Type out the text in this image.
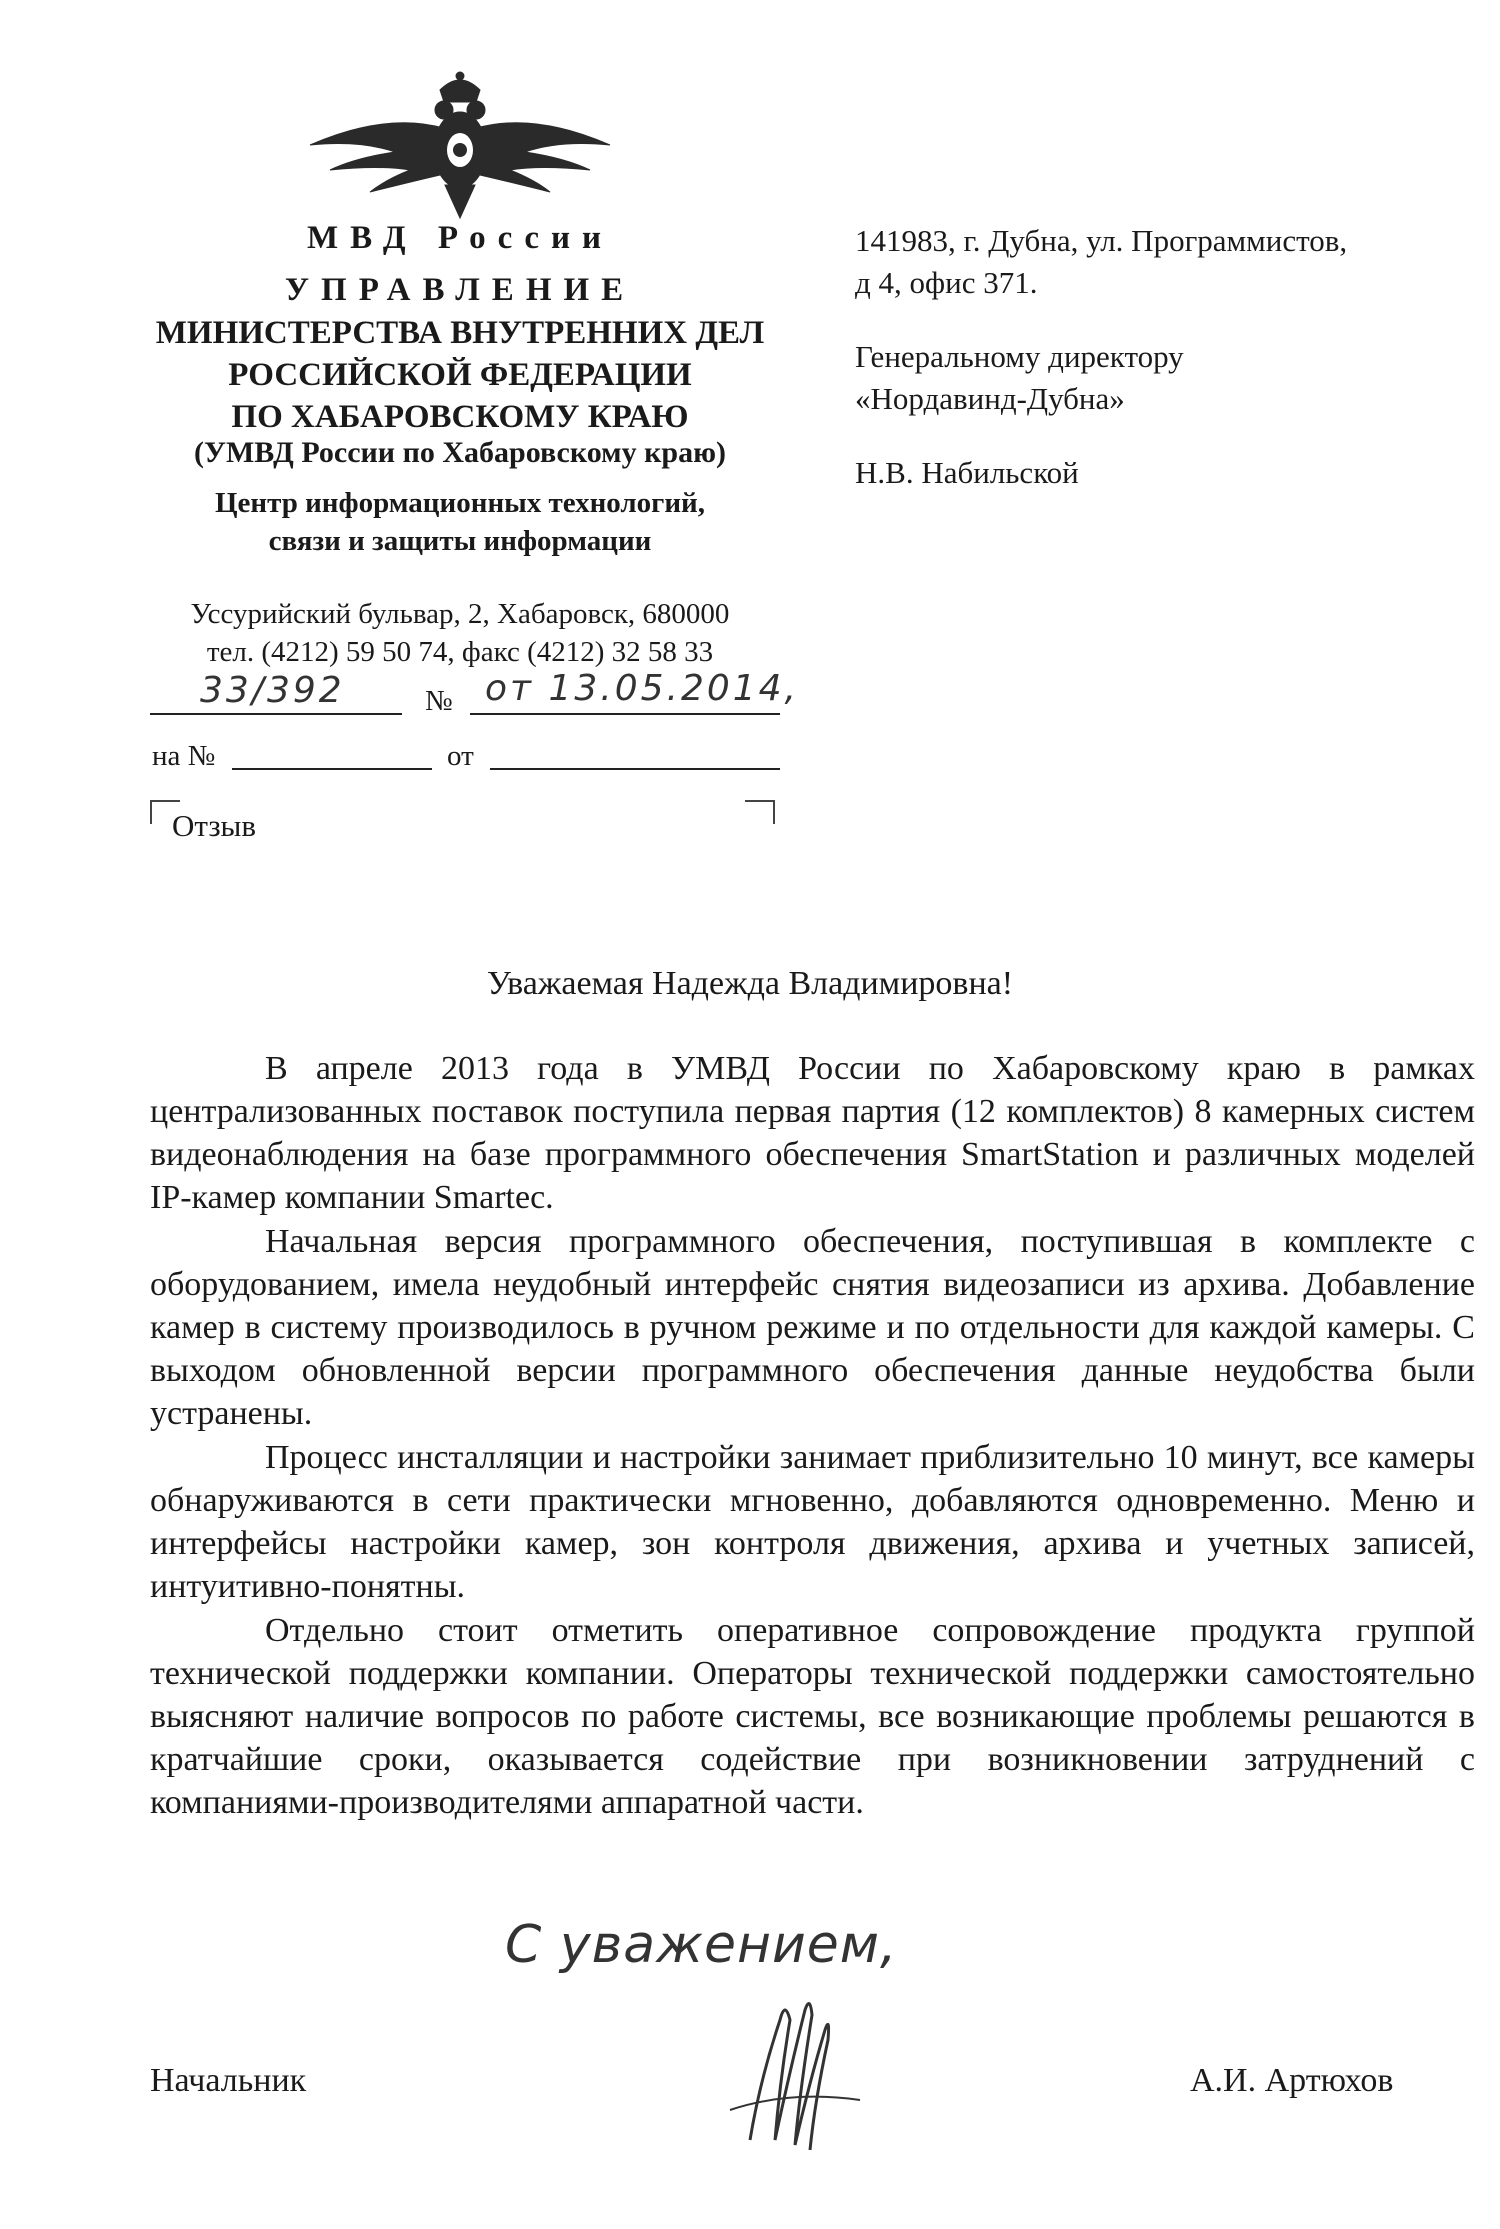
МВД России
УПРАВЛЕНИЕ
МИНИСТЕРСТВА ВНУТРЕННИХ ДЕЛ
РОССИЙСКОЙ ФЕДЕРАЦИИ
ПО ХАБАРОВСКОМУ КРАЮ
(УМВД России по Хабаровскому краю)
Центр информационных технологий,
связи и защиты информации
Уссурийский бульвар, 2, Хабаровск, 680000
тел. (4212) 59 50 74, факс (4212) 32 58 33
33/392	№ от 13.05.2014,
на №	от
Отзыв
141983, г. Дубна, ул. Программистов,
д 4, офис 371.
Генеральному директору
«Нордавинд-Дубна»
Н.В. Набильской
Уважаемая Надежда Владимировна!

В апреле 2013 года в УМВД России по Хабаровскому краю в рамках централизованных поставок поступила первая партия (12 комплектов) 8 камерных систем видеонаблюдения на базе программного обеспечения SmartStation и различных моделей IP-камер компании Smartec.

Начальная версия программного обеспечения, поступившая в комплекте с оборудованием, имела неудобный интерфейс снятия видеозаписи из архива. Добавление камер в систему производилось в ручном режиме и по отдельности для каждой камеры. С выходом обновленной версии программного обеспечения данные неудобства были устранены.

Процесс инсталляции и настройки занимает приблизительно 10 минут, все камеры обнаруживаются в сети практически мгновенно, добавляются одновременно. Меню и интерфейсы настройки камер, зон контроля движения, архива и учетных записей, интуитивно-понятны.

Отдельно стоит отметить оперативное сопровождение продукта группой технической поддержки компании. Операторы технической поддержки самостоятельно выясняют наличие вопросов по работе системы, все возникающие проблемы решаются в кратчайшие сроки, оказывается содействие при возникновении затруднений с компаниями-производителями аппаратной части.

С уважением,
Начальник	А.И. Артюхов
